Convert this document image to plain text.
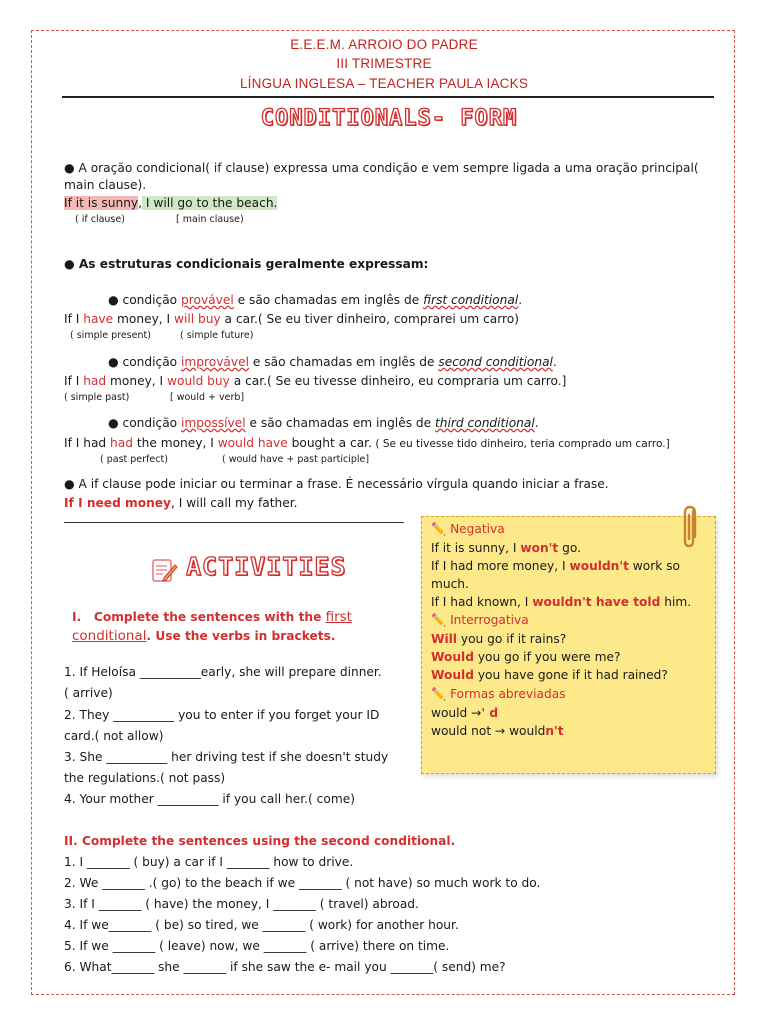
E.E.E.M. ARROIO DO PADRE
III TRIMESTRE
LÍNGUA INGLESA – TEACHER PAULA IACKS
CONDITIONALS- FORM
● A oração condicional( if clause) expressa uma condição e vem sempre ligada a uma oração principal(
main clause).
If it is sunny, I will go to the beach.
( if clause)	[ main clause)
● As estruturas condicionais geralmente expressam:
● condição provável e são chamadas em inglês de first conditional.
If I have money, I will buy a car.( Se eu tiver dinheiro, comprarei um carro)
( simple present)	( simple future)
● condição improvável e são chamadas em inglês de second conditional.
If I had money, I would buy a car.( Se eu tivesse dinheiro, eu compraria um carro.]
( simple past)	[ would + verb]
● condição impossível e são chamadas em inglês de third conditional.
If I had had the money, I would have bought a car. ( Se eu tivesse tido dinheiro, teria comprado um carro.]
( past perfect)	( would have + past participle]
● A if clause pode iniciar ou terminar a frase. É necessário vírgula quando iniciar a frase.
If I need money, I will call my father.
ACTIVITIES
I. Complete the sentences with the first
conditional. Use the verbs in brackets.
1. If Heloísa __________early, she will prepare dinner.
( arrive)
2. They __________ you to enter if you forget your ID
card.( not allow)
3. She __________ her driving test if she doesn't study
the regulations.( not pass)
4. Your mother __________ if you call her.( come)
II. Complete the sentences using the second conditional.
1. I _______ ( buy) a car if I _______ how to drive.
2. We _______ .( go) to the beach if we _______ ( not have) so much work to do.
3. If I _______ ( have) the money, I _______ ( travel) abroad.
4. If we_______ ( be) so tired, we _______ ( work) for another hour.
5. If we _______ ( leave) now, we _______ ( arrive) there on time.
6. What_______ she _______ if she saw the e- mail you _______( send) me?
✏️ Negativa
If it is sunny, I won't go.
If I had more money, I wouldn't work so
much.
If I had known, I wouldn't have told him.
✏️ Interrogativa
Will you go if it rains?
Would you go if you were me?
Would you have gone if it had rained?
✏️ Formas abreviadas
would →' d
would not → wouldn't
